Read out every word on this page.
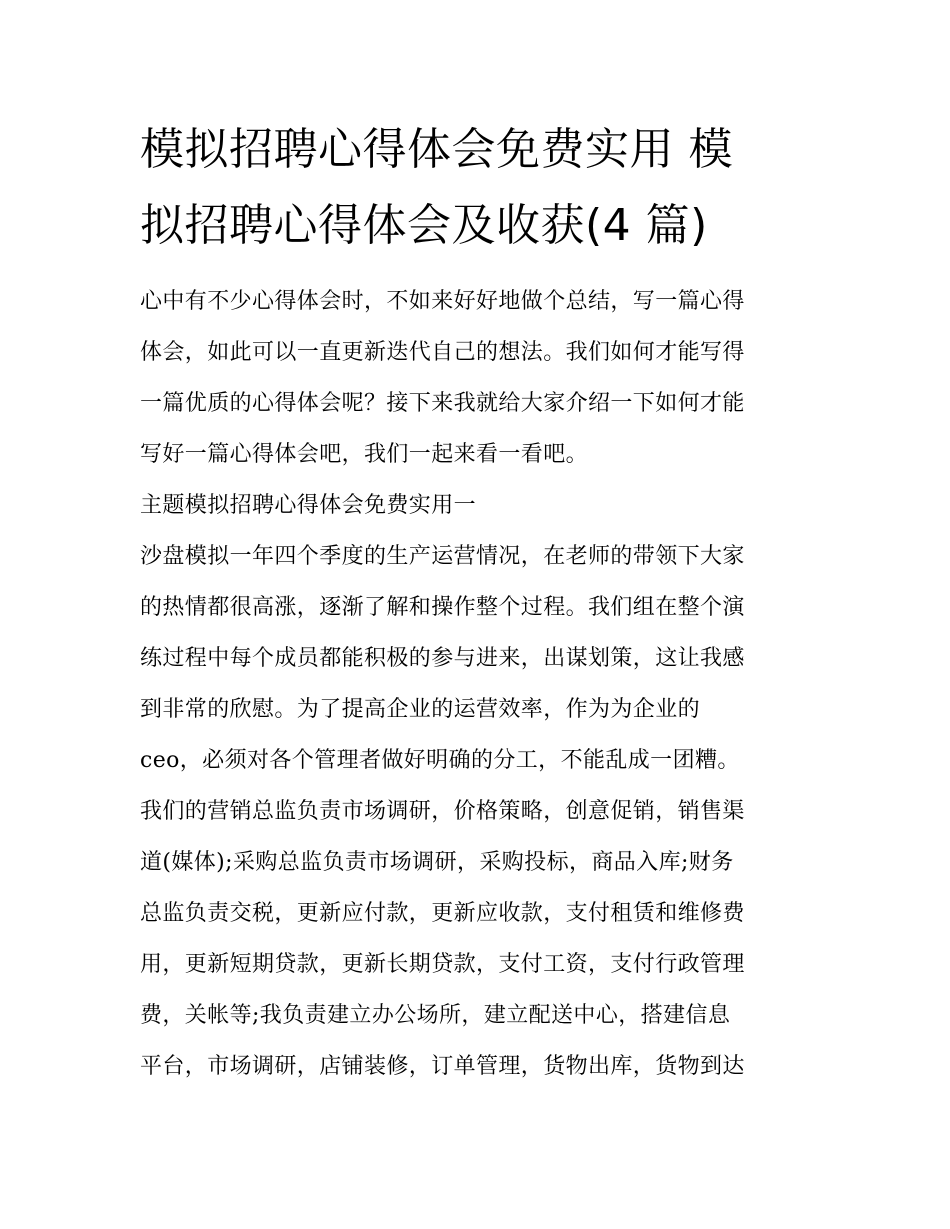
模拟招聘心得体会免费实用 模
拟招聘心得体会及收获(4 篇)
心中有不少心得体会时，不如来好好地做个总结，写一篇心得
体会，如此可以一直更新迭代自己的想法。我们如何才能写得
一篇优质的心得体会呢？接下来我就给大家介绍一下如何才能
写好一篇心得体会吧，我们一起来看一看吧。
主题模拟招聘心得体会免费实用一
沙盘模拟一年四个季度的生产运营情况，在老师的带领下大家
的热情都很高涨，逐渐了解和操作整个过程。我们组在整个演
练过程中每个成员都能积极的参与进来，出谋划策，这让我感
到非常的欣慰。为了提高企业的运营效率，作为为企业的
ceo，必须对各个管理者做好明确的分工，不能乱成一团糟。
我们的营销总监负责市场调研，价格策略，创意促销，销售渠
道(媒体);采购总监负责市场调研，采购投标，商品入库;财务
总监负责交税，更新应付款，更新应收款，支付租赁和维修费
用，更新短期贷款，更新长期贷款，支付工资，支付行政管理
费，关帐等;我负责建立办公场所，建立配送中心，搭建信息
平台，市场调研，店铺装修，订单管理，货物出库，货物到达
